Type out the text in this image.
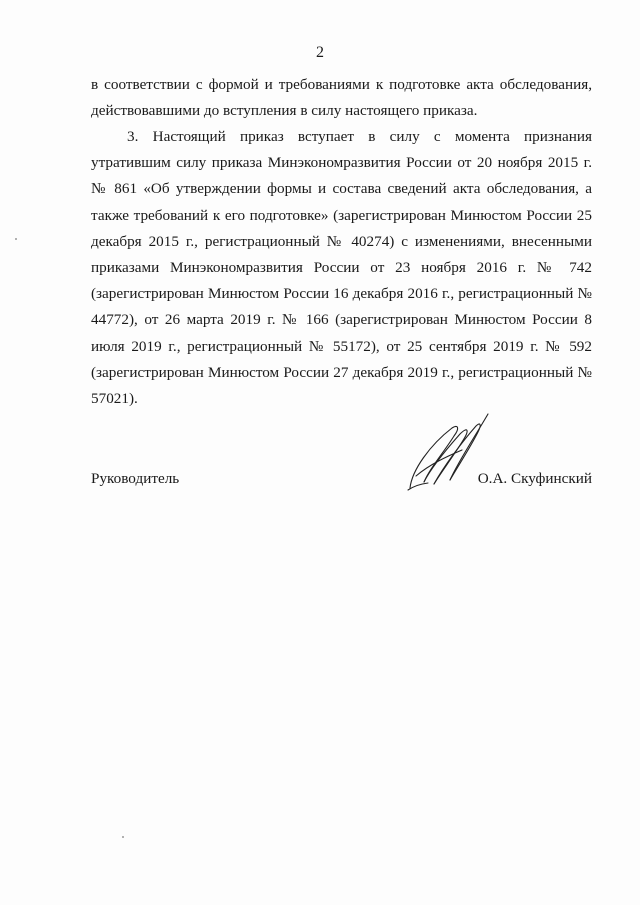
2
в соответствии с формой и требованиями к подготовке акта обследования, действовавшими до вступления в силу настоящего приказа.
3. Настоящий приказ вступает в силу с момента признания утратившим силу приказа Минэкономразвития России от 20 ноября 2015 г. № 861 «Об утверждении формы и состава сведений акта обследования, а также требований к его подготовке» (зарегистрирован Минюстом России 25 декабря 2015 г., регистрационный № 40274) с изменениями, внесенными приказами Минэкономразвития России от 23 ноября 2016 г. № 742 (зарегистрирован Минюстом России 16 декабря 2016 г., регистрационный № 44772), от 26 марта 2019 г. № 166 (зарегистрирован Минюстом России 8 июля 2019 г., регистрационный № 55172), от 25 сентября 2019 г. № 592 (зарегистрирован Минюстом России 27 декабря 2019 г., регистрационный № 57021).
Руководитель	О.А. Скуфинский
